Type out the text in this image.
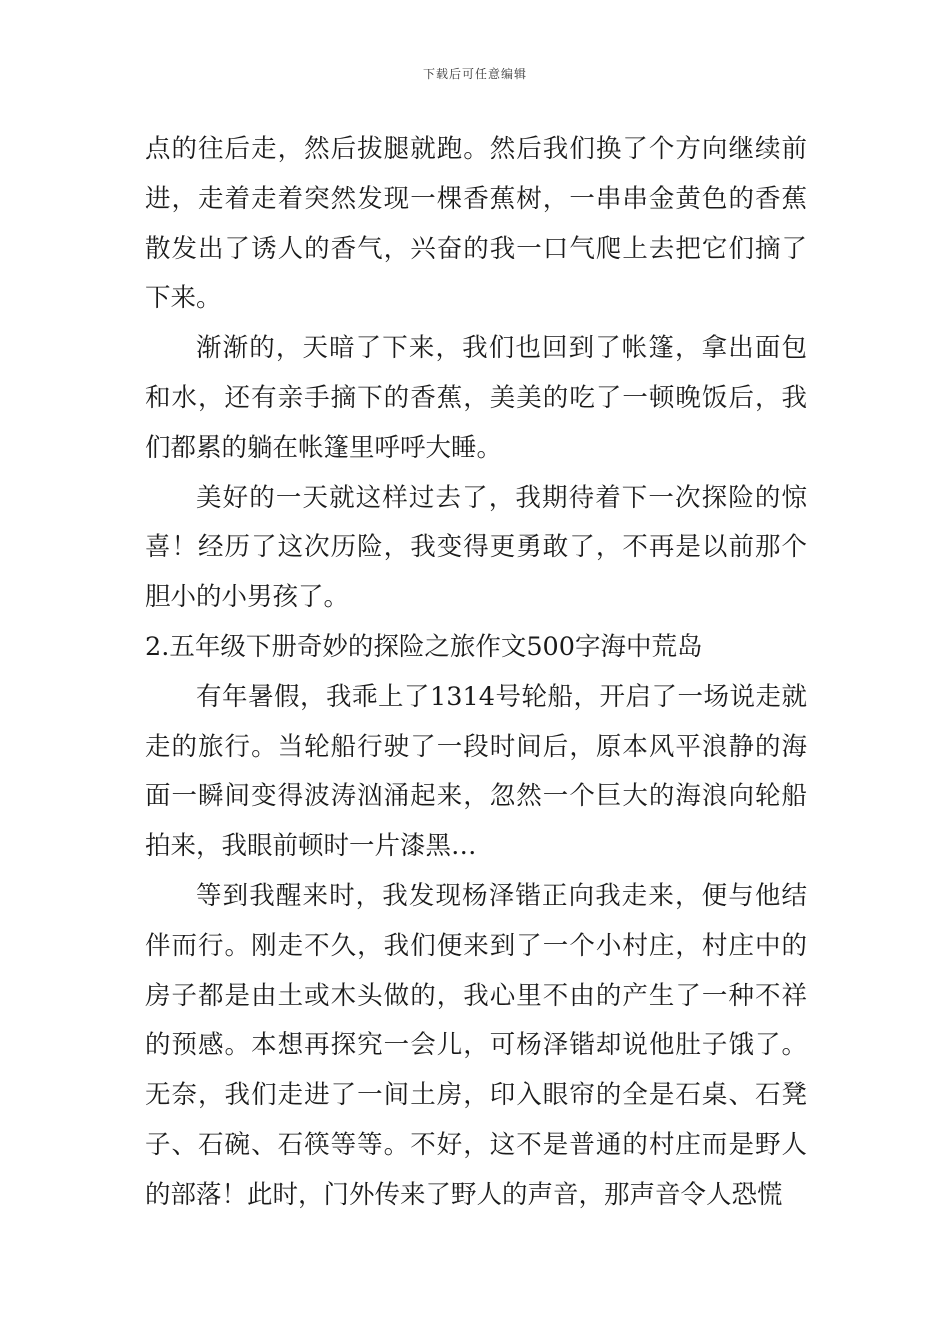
下载后可任意编辑

点的往后走，然后拔腿就跑。然后我们换了个方向继续前进，走着走着突然发现一棵香蕉树，一串串金黄色的香蕉散发出了诱人的香气，兴奋的我一口气爬上去把它们摘了下来。

渐渐的，天暗了下来，我们也回到了帐篷，拿出面包和水，还有亲手摘下的香蕉，美美的吃了一顿晚饭后，我们都累的躺在帐篷里呼呼大睡。

美好的一天就这样过去了，我期待着下一次探险的惊喜！经历了这次历险，我变得更勇敢了，不再是以前那个胆小的小男孩了。

2.五年级下册奇妙的探险之旅作文500字海中荒岛

有年暑假，我乖上了1314号轮船，开启了一场说走就走的旅行。当轮船行驶了一段时间后，原本风平浪静的海面一瞬间变得波涛汹涌起来，忽然一个巨大的海浪向轮船拍来，我眼前顿时一片漆黑…

等到我醒来时，我发现杨泽锴正向我走来，便与他结伴而行。刚走不久，我们便来到了一个小村庄，村庄中的房子都是由土或木头做的，我心里不由的产生了一种不祥的预感。本想再探究一会儿，可杨泽锴却说他肚子饿了。无奈，我们走进了一间土房，印入眼帘的全是石桌、石凳子、石碗、石筷等等。不好，这不是普通的村庄而是野人的部落！此时，门外传来了野人的声音，那声音令人恐慌
